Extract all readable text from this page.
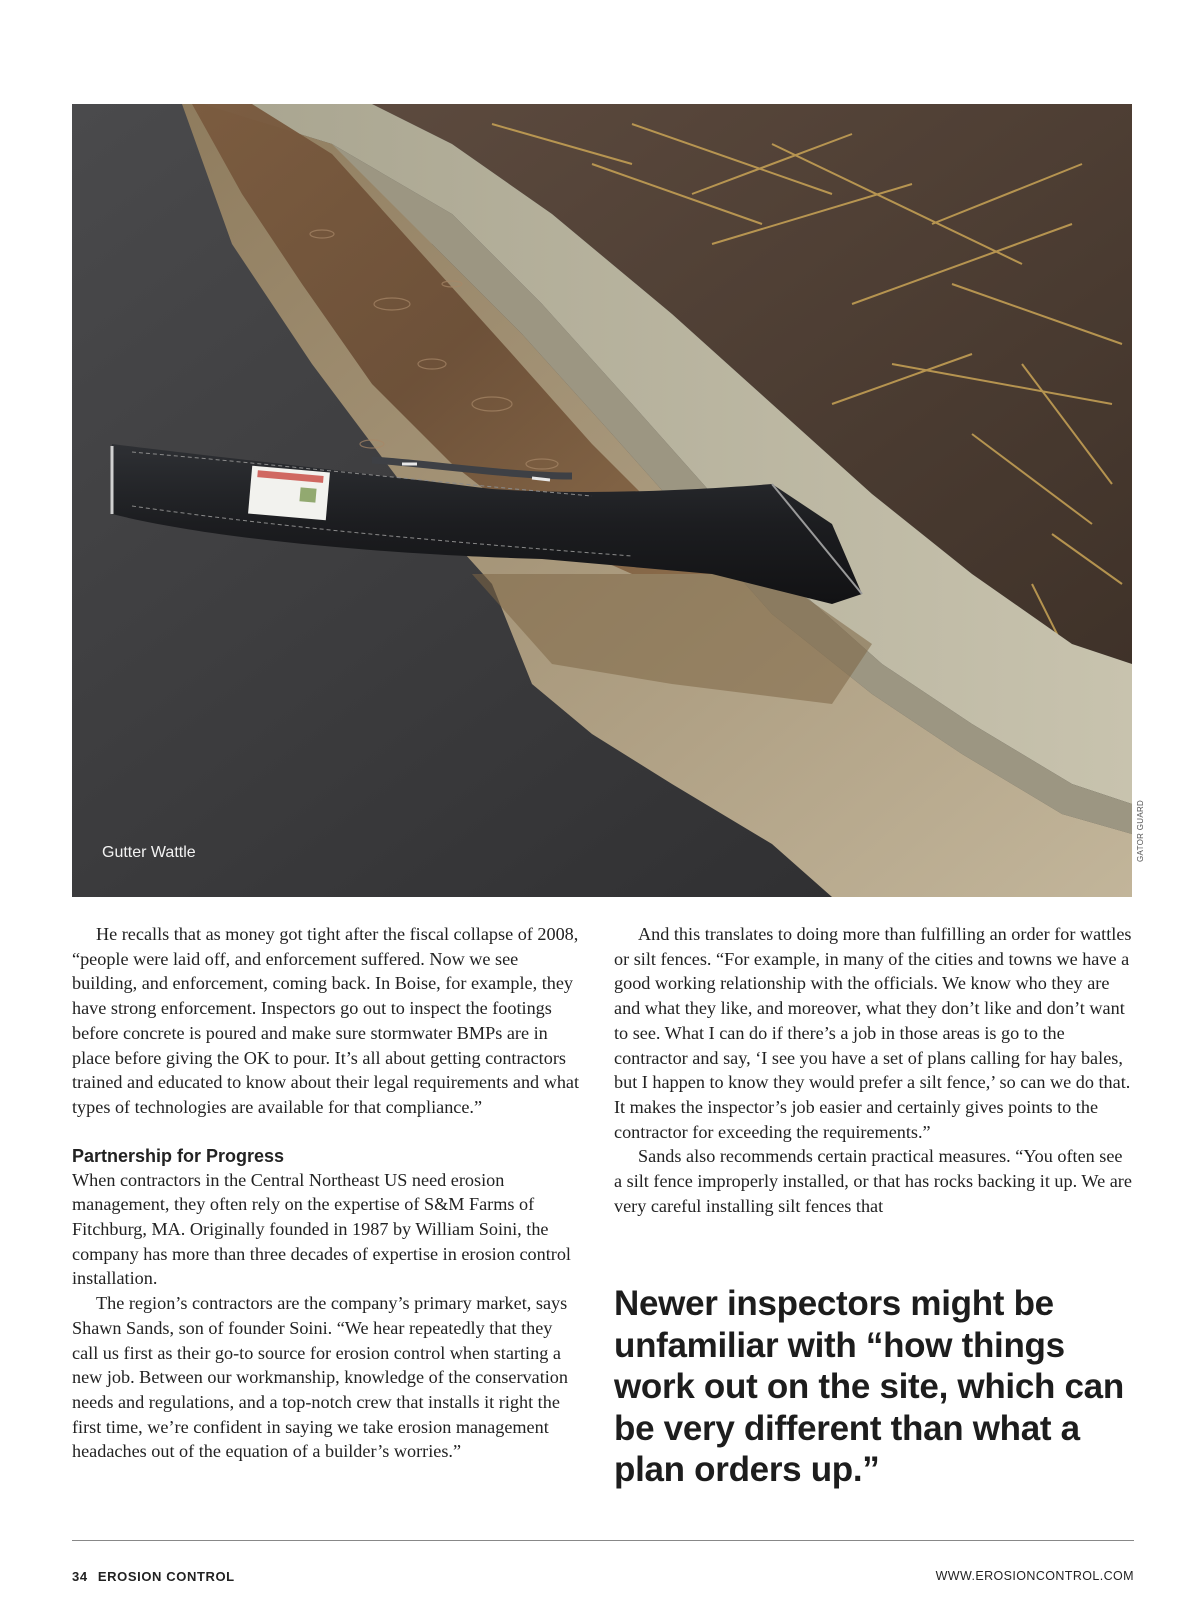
Gutter Wattle	GATOR GUARD

He recalls that as money got tight after the fiscal collapse of 2008, “people were laid off, and enforcement suffered. Now we see building, and enforcement, coming back. In Boise, for example, they have strong enforcement. Inspectors go out to inspect the footings before concrete is poured and make sure stormwater BMPs are in place before giving the OK to pour. It’s all about getting contractors trained and educated to know about their legal requirements and what types of technologies are available for that compliance.”

Partnership for Progress

When contractors in the Central Northeast US need erosion management, they often rely on the expertise of S&M Farms of Fitchburg, MA. Originally founded in 1987 by William Soini, the company has more than three decades of expertise in erosion control installation.

The region’s contractors are the company’s primary market, says Shawn Sands, son of founder Soini. “We hear repeatedly that they call us first as their go-to source for erosion control when starting a new job. Between our workmanship, knowledge of the conservation needs and regulations, and a top-notch crew that installs it right the first time, we’re confident in saying we take erosion management headaches out of the equation of a builder’s worries.”

And this translates to doing more than fulfilling an order for wattles or silt fences. “For example, in many of the cities and towns we have a good working relationship with the officials. We know who they are and what they like, and moreover, what they don’t like and don’t want to see. What I can do if there’s a job in those areas is go to the contractor and say, ‘I see you have a set of plans calling for hay bales, but I happen to know they would prefer a silt fence,’ so can we do that. It makes the inspector’s job easier and certainly gives points to the contractor for exceeding the requirements.”

Sands also recommends certain practical measures. “You often see a silt fence improperly installed, or that has rocks backing it up. We are very careful installing silt fences that

Newer inspectors might be unfamiliar with “how things work out on the site, which can be very different than what a plan orders up.”
34 EROSION CONTROL	WWW.EROSIONCONTROL.COM
